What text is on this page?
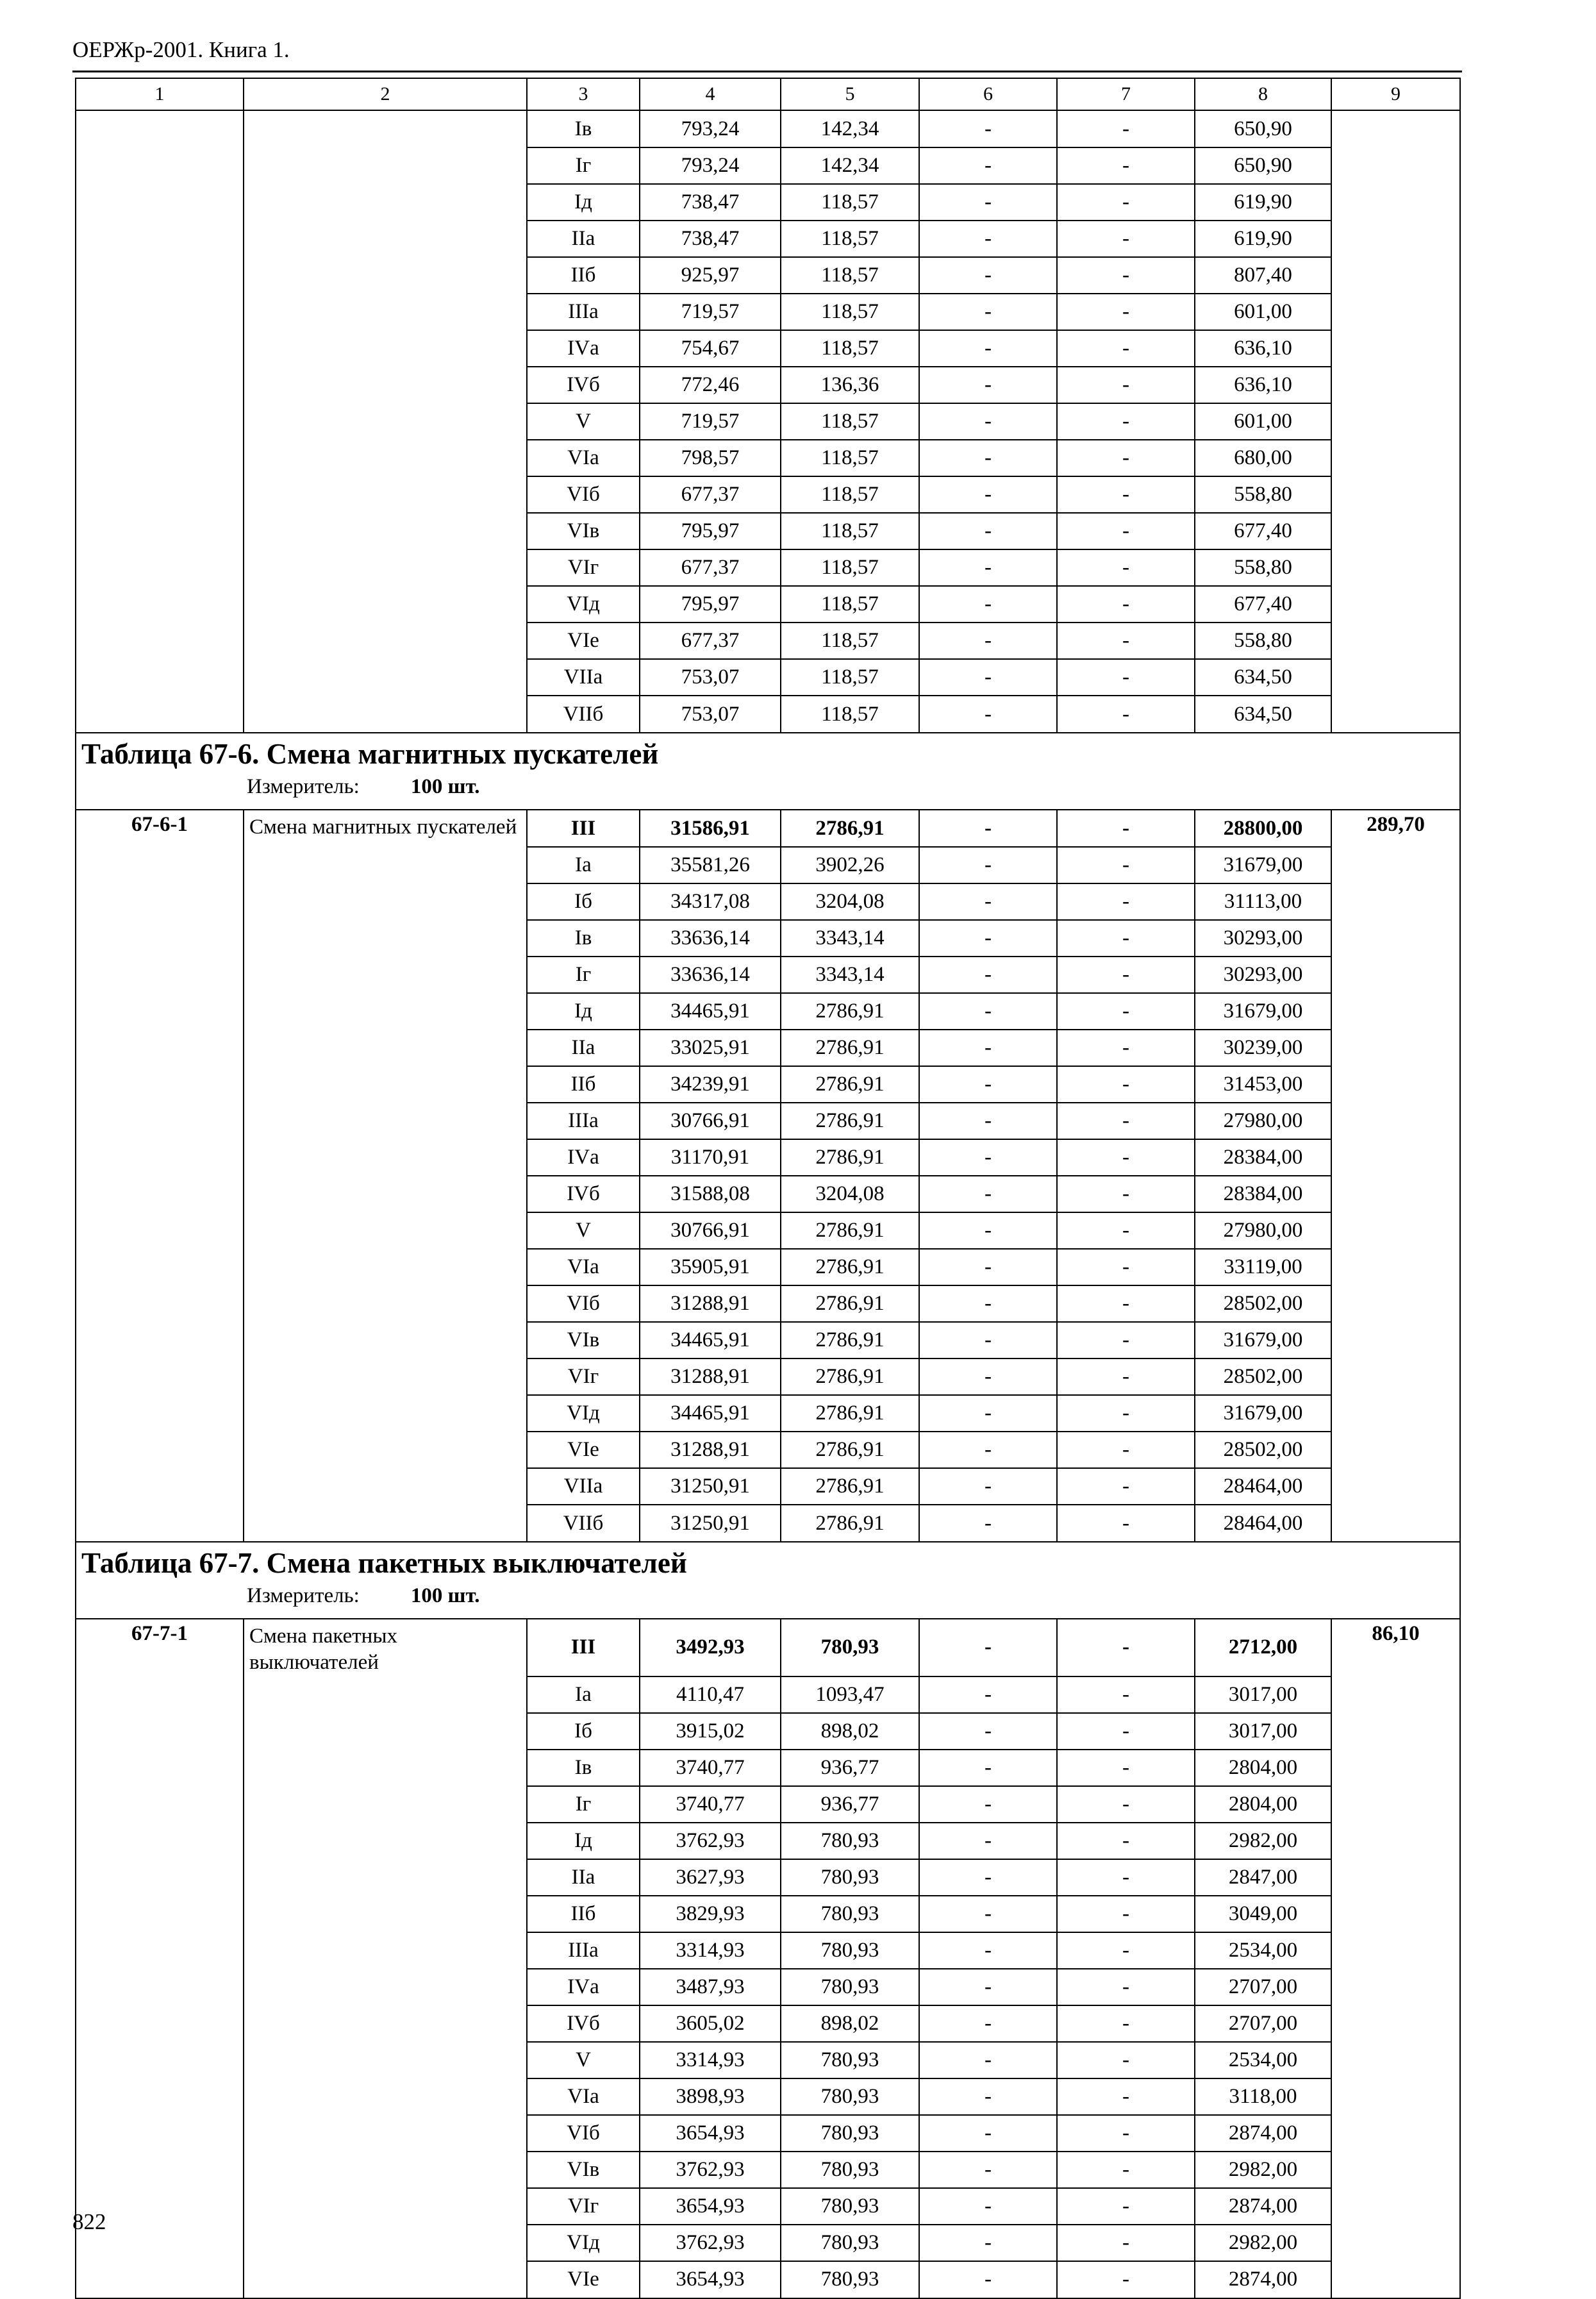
ОЕРЖр-2001. Книга 1.
1	2	3	4	5	6	7	8	9
		Iв	793,24	142,34	-	-	650,90	
		Iг	793,24	142,34	-	-	650,90	
		Iд	738,47	118,57	-	-	619,90	
		IIа	738,47	118,57	-	-	619,90	
		IIб	925,97	118,57	-	-	807,40	
		IIIа	719,57	118,57	-	-	601,00	
		IVа	754,67	118,57	-	-	636,10	
		IVб	772,46	136,36	-	-	636,10	
		V	719,57	118,57	-	-	601,00	
		VIа	798,57	118,57	-	-	680,00	
		VIб	677,37	118,57	-	-	558,80	
		VIв	795,97	118,57	-	-	677,40	
		VIг	677,37	118,57	-	-	558,80	
		VIд	795,97	118,57	-	-	677,40	
		VIе	677,37	118,57	-	-	558,80	
		VIIа	753,07	118,57	-	-	634,50	
		VIIб	753,07	118,57	-	-	634,50	

Таблица 67-6. Смена магнитных пускателей
Измеритель: 100 шт.								

67-6-1	Смена магнитных пускателей	III	31586,91	2786,91	-	-	28800,00	289,70
		Iа	35581,26	3902,26	-	-	31679,00	
		Iб	34317,08	3204,08	-	-	31113,00	
		Iв	33636,14	3343,14	-	-	30293,00	
		Iг	33636,14	3343,14	-	-	30293,00	
		Iд	34465,91	2786,91	-	-	31679,00	
		IIа	33025,91	2786,91	-	-	30239,00	
		IIб	34239,91	2786,91	-	-	31453,00	
		IIIа	30766,91	2786,91	-	-	27980,00	
		IVа	31170,91	2786,91	-	-	28384,00	
		IVб	31588,08	3204,08	-	-	28384,00	
		V	30766,91	2786,91	-	-	27980,00	
		VIа	35905,91	2786,91	-	-	33119,00	
		VIб	31288,91	2786,91	-	-	28502,00	
		VIв	34465,91	2786,91	-	-	31679,00	
		VIг	31288,91	2786,91	-	-	28502,00	
		VIд	34465,91	2786,91	-	-	31679,00	
		VIе	31288,91	2786,91	-	-	28502,00	
		VIIа	31250,91	2786,91	-	-	28464,00	
		VIIб	31250,91	2786,91	-	-	28464,00	

Таблица 67-7. Смена пакетных выключателей
Измеритель: 100 шт.								

67-7-1	Смена пакетных выключателей	III	3492,93	780,93	-	-	2712,00	86,10
		Iа	4110,47	1093,47	-	-	3017,00	
		Iб	3915,02	898,02	-	-	3017,00	
		Iв	3740,77	936,77	-	-	2804,00	
		Iг	3740,77	936,77	-	-	2804,00	
		Iд	3762,93	780,93	-	-	2982,00	
		IIа	3627,93	780,93	-	-	2847,00	
		IIб	3829,93	780,93	-	-	3049,00	
		IIIа	3314,93	780,93	-	-	2534,00	
		IVа	3487,93	780,93	-	-	2707,00	
		IVб	3605,02	898,02	-	-	2707,00	
		V	3314,93	780,93	-	-	2534,00	
		VIа	3898,93	780,93	-	-	3118,00	
		VIб	3654,93	780,93	-	-	2874,00	
		VIв	3762,93	780,93	-	-	2982,00	
		VIг	3654,93	780,93	-	-	2874,00	
		VIд	3762,93	780,93	-	-	2982,00	
		VIе	3654,93	780,93	-	-	2874,00	
822
